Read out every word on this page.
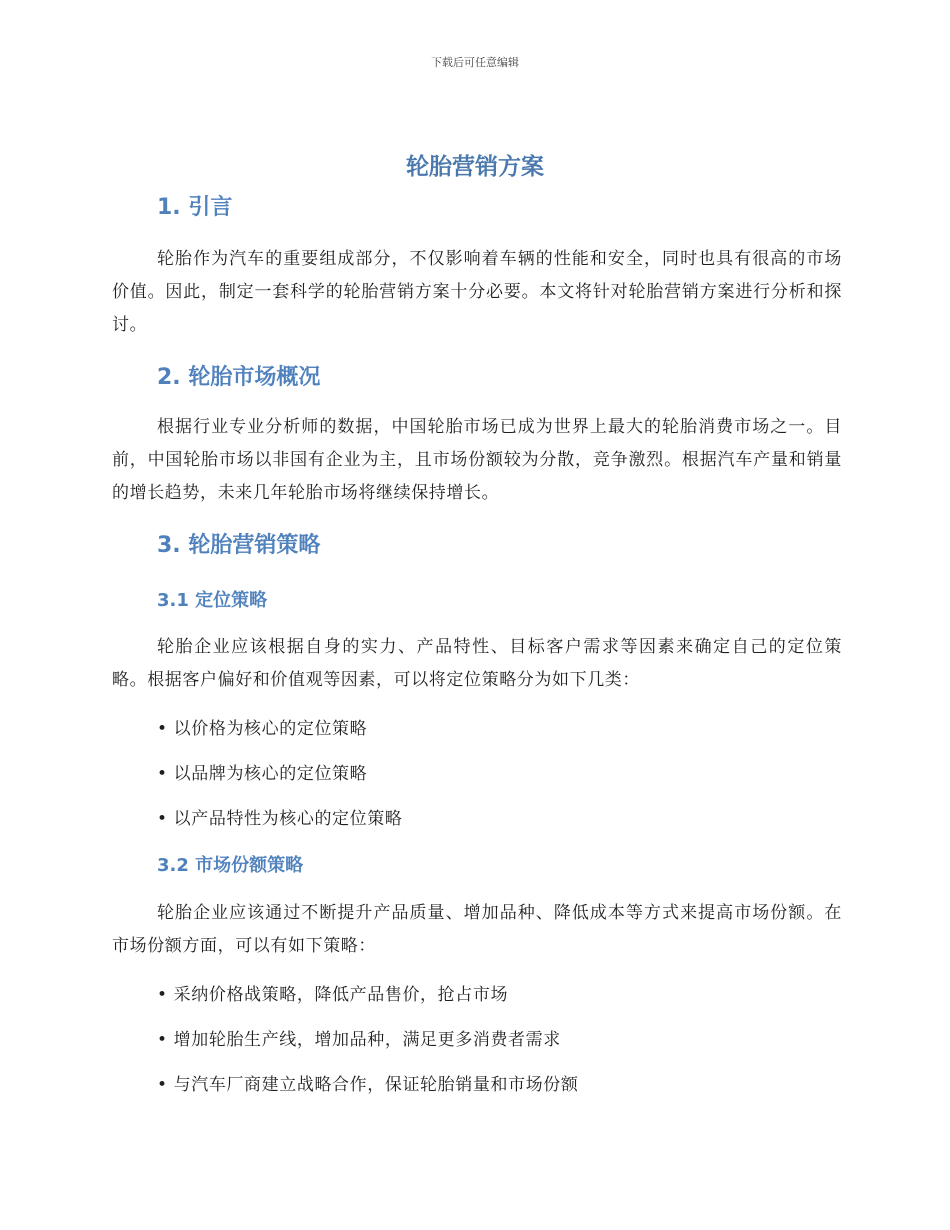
下载后可任意编辑
轮胎营销方案
1. 引言
轮胎作为汽车的重要组成部分，不仅影响着车辆的性能和安全，同时也具有很高的市场价值。因此，制定一套科学的轮胎营销方案十分必要。本文将针对轮胎营销方案进行分析和探讨。
2. 轮胎市场概况
根据行业专业分析师的数据，中国轮胎市场已成为世界上最大的轮胎消费市场之一。目前，中国轮胎市场以非国有企业为主，且市场份额较为分散，竞争激烈。根据汽车产量和销量的增长趋势，未来几年轮胎市场将继续保持增长。
3. 轮胎营销策略
3.1 定位策略
轮胎企业应该根据自身的实力、产品特性、目标客户需求等因素来确定自己的定位策略。根据客户偏好和价值观等因素，可以将定位策略分为如下几类：
• 以价格为核心的定位策略
• 以品牌为核心的定位策略
• 以产品特性为核心的定位策略
3.2 市场份额策略
轮胎企业应该通过不断提升产品质量、增加品种、降低成本等方式来提高市场份额。在市场份额方面，可以有如下策略：
• 采纳价格战策略，降低产品售价，抢占市场
• 增加轮胎生产线，增加品种，满足更多消费者需求
• 与汽车厂商建立战略合作，保证轮胎销量和市场份额
